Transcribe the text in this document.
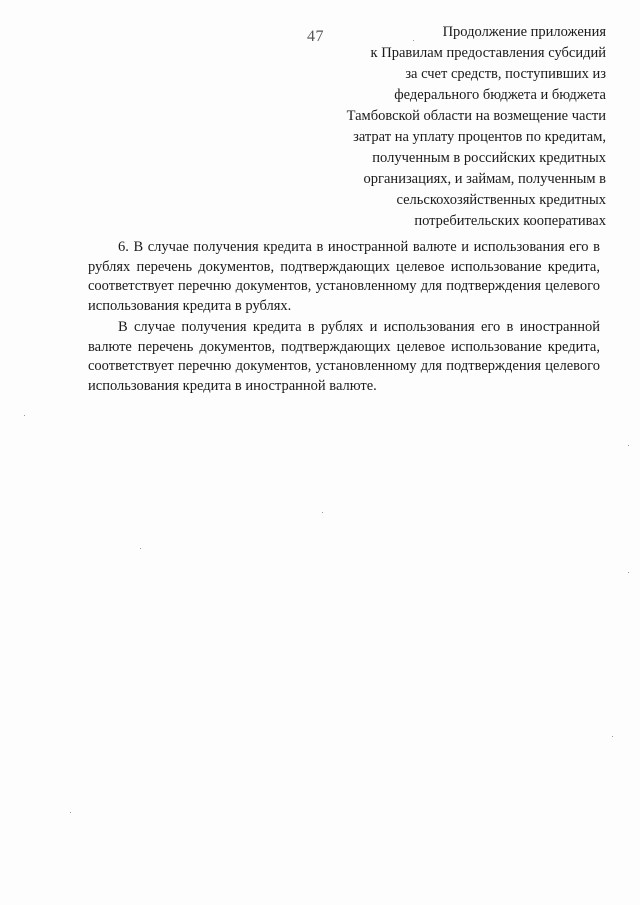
47	Продолжение приложения
к Правилам предоставления субсидий
за счет средств, поступивших из
федерального бюджета и бюджета
Тамбовской области на возмещение части
затрат на уплату процентов по кредитам,
полученным в российских кредитных
организациях, и займам, полученным в
сельскохозяйственных кредитных
потребительских кооперативах

6. В случае получения кредита в иностранной валюте и использования его в рублях перечень документов, подтверждающих целевое использование кредита, соответствует перечню документов, установленному для подтверждения целевого использования кредита в рублях.

В случае получения кредита в рублях и использования его в иностранной валюте перечень документов, подтверждающих целевое использование кредита, соответствует перечню документов, установленному для подтверждения целевого использования кредита в иностранной валюте.
